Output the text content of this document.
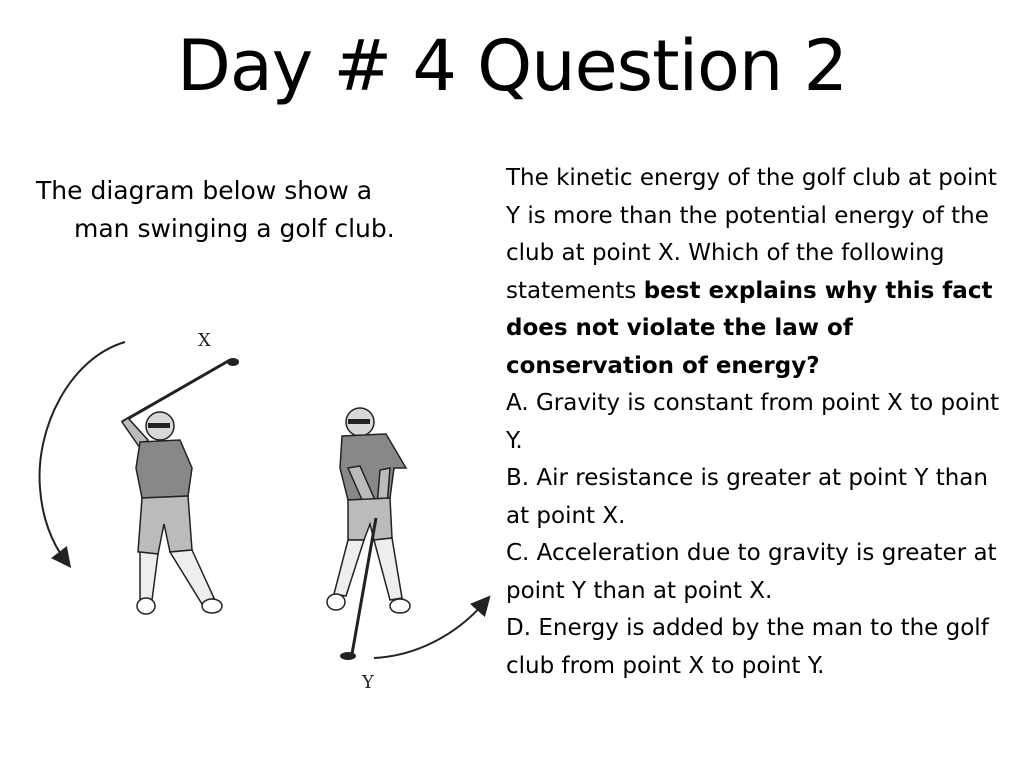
Day # 4 Question 2
The diagram below show a
man swinging a golf club.
X
Y

The kinetic energy of the golf club at point Y is more than the potential energy of the club at point X. Which of the following statements best explains why this fact does not violate the law of conservation of energy?

A. Gravity is constant from point X to point Y.

B. Air resistance is greater at point Y than at point X.

C. Acceleration due to gravity is greater at point Y than at point X.

D. Energy is added by the man to the golf club from point X to point Y.
